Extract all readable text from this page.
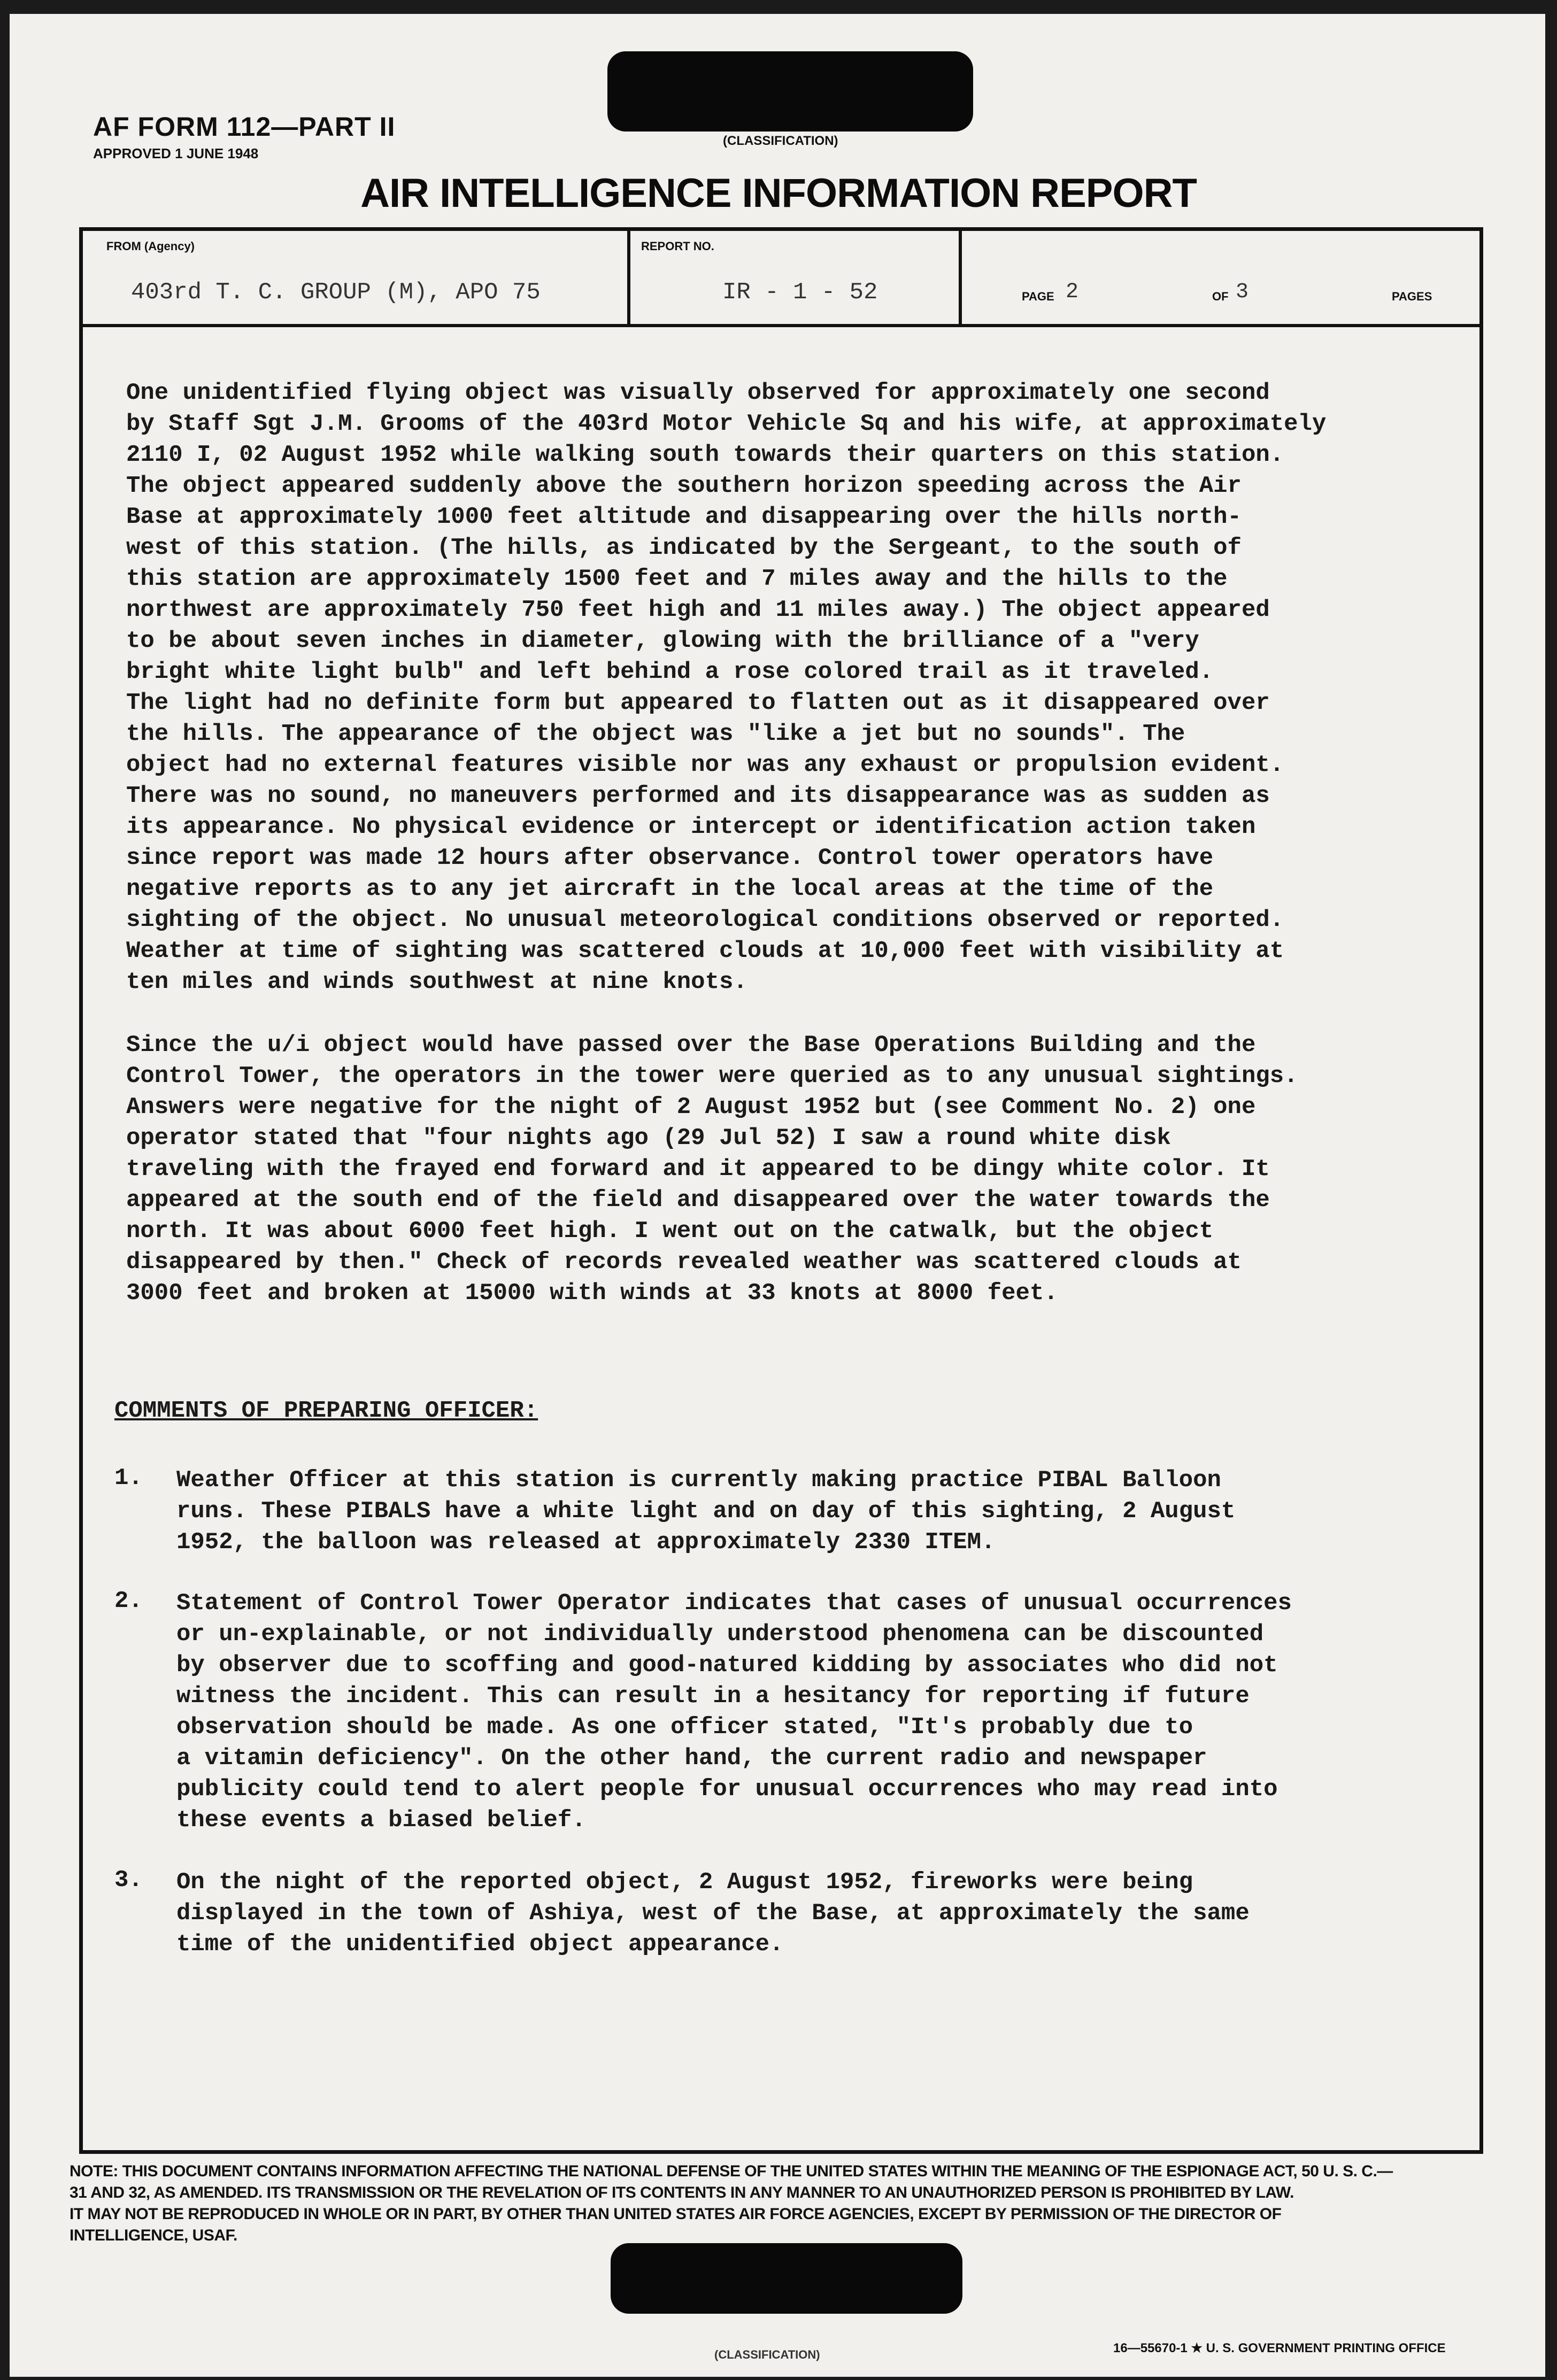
AF FORM 112—PART II
APPROVED 1 JUNE 1948
(CLASSIFICATION)
AIR INTELLIGENCE INFORMATION REPORT
FROM (Agency)
403rd T. C. GROUP (M), APO 75
REPORT NO.
IR - 1 - 52	PAGE 2	OF 3	PAGES
One unidentified flying object was visually observed for approximately one second
by Staff Sgt J.M. Grooms of the 403rd Motor Vehicle Sq and his wife, at approximately
2110 I, 02 August 1952 while walking south towards their quarters on this station.
The object appeared suddenly above the southern horizon speeding across the Air
Base at approximately 1000 feet altitude and disappearing over the hills north-
west of this station. (The hills, as indicated by the Sergeant, to the south of
this station are approximately 1500 feet and 7 miles away and the hills to the
northwest are approximately 750 feet high and 11 miles away.) The object appeared
to be about seven inches in diameter, glowing with the brilliance of a "very
bright white light bulb" and left behind a rose colored trail as it traveled.
The light had no definite form but appeared to flatten out as it disappeared over
the hills. The appearance of the object was "like a jet but no sounds". The
object had no external features visible nor was any exhaust or propulsion evident.
There was no sound, no maneuvers performed and its disappearance was as sudden as
its appearance. No physical evidence or intercept or identification action taken
since report was made 12 hours after observance. Control tower operators have
negative reports as to any jet aircraft in the local areas at the time of the
sighting of the object. No unusual meteorological conditions observed or reported.
Weather at time of sighting was scattered clouds at 10,000 feet with visibility at
ten miles and winds southwest at nine knots.
Since the u/i object would have passed over the Base Operations Building and the
Control Tower, the operators in the tower were queried as to any unusual sightings.
Answers were negative for the night of 2 August 1952 but (see Comment No. 2) one
operator stated that "four nights ago (29 Jul 52) I saw a round white disk
traveling with the frayed end forward and it appeared to be dingy white color. It
appeared at the south end of the field and disappeared over the water towards the
north. It was about 6000 feet high. I went out on the catwalk, but the object
disappeared by then." Check of records revealed weather was scattered clouds at
3000 feet and broken at 15000 with winds at 33 knots at 8000 feet.
COMMENTS OF PREPARING OFFICER:
1. Weather Officer at this station is currently making practice PIBAL Balloon
runs. These PIBALS have a white light and on day of this sighting, 2 August
1952, the balloon was released at approximately 2330 ITEM.
2. Statement of Control Tower Operator indicates that cases of unusual occurrences
or un-explainable, or not individually understood phenomena can be discounted
by observer due to scoffing and good-natured kidding by associates who did not
witness the incident. This can result in a hesitancy for reporting if future
observation should be made. As one officer stated, "It's probably due to
a vitamin deficiency". On the other hand, the current radio and newspaper
publicity could tend to alert people for unusual occurrences who may read into
these events a biased belief.
3. On the night of the reported object, 2 August 1952, fireworks were being
displayed in the town of Ashiya, west of the Base, at approximately the same
time of the unidentified object appearance.
NOTE: THIS DOCUMENT CONTAINS INFORMATION AFFECTING THE NATIONAL DEFENSE OF THE UNITED STATES WITHIN THE MEANING OF THE ESPIONAGE ACT, 50 U. S. C.—
31 AND 32, AS AMENDED. ITS TRANSMISSION OR THE REVELATION OF ITS CONTENTS IN ANY MANNER TO AN UNAUTHORIZED PERSON IS PROHIBITED BY LAW.
IT MAY NOT BE REPRODUCED IN WHOLE OR IN PART, BY OTHER THAN UNITED STATES AIR FORCE AGENCIES, EXCEPT BY PERMISSION OF THE DIRECTOR OF
INTELLIGENCE, USAF.
(CLASSIFICATION)	16—55670-1 ★ U. S. GOVERNMENT PRINTING OFFICE
